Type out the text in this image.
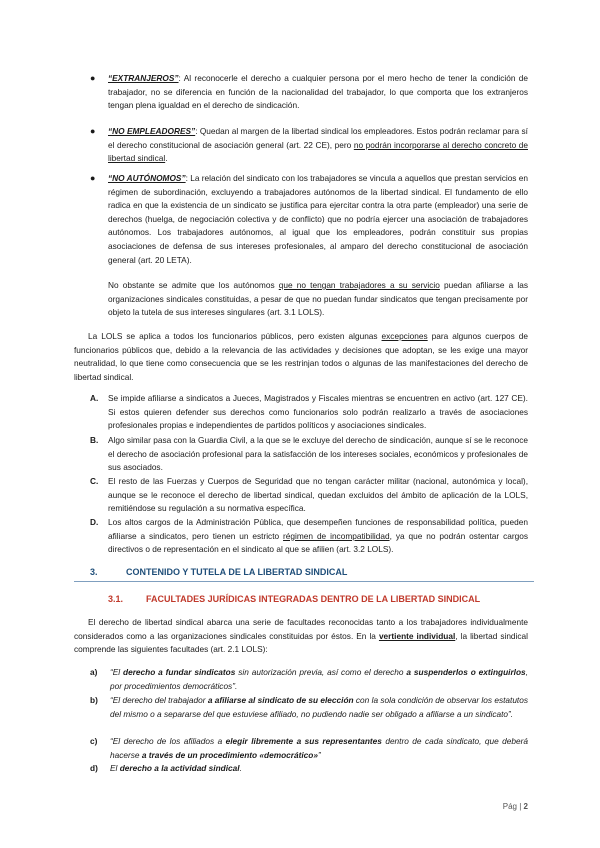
● “EXTRANJEROS”: Al reconocerle el derecho a cualquier persona por el mero hecho de tener la condición de trabajador, no se diferencia en función de la nacionalidad del trabajador, lo que comporta que los extranjeros tengan plena igualdad en el derecho de sindicación.
● “NO EMPLEADORES”: Quedan al margen de la libertad sindical los empleadores. Estos podrán reclamar para sí el derecho constitucional de asociación general (art. 22 CE), pero no podrán incorporarse al derecho concreto de libertad sindical.
● “NO AUTÓNOMOS”: La relación del sindicato con los trabajadores se vincula a aquellos que prestan servicios en régimen de subordinación, excluyendo a trabajadores autónomos de la libertad sindical. El fundamento de ello radica en que la existencia de un sindicato se justifica para ejercitar contra la otra parte (empleador) una serie de derechos (huelga, de negociación colectiva y de conflicto) que no podría ejercer una asociación de trabajadores autónomos. Los trabajadores autónomos, al igual que los empleadores, podrán constituir sus propias asociaciones de defensa de sus intereses profesionales, al amparo del derecho constitucional de asociación general (art. 20 LETA).
No obstante se admite que los autónomos que no tengan trabajadores a su servicio puedan afiliarse a las organizaciones sindicales constituidas, a pesar de que no puedan fundar sindicatos que tengan precisamente por objeto la tutela de sus intereses singulares (art. 3.1 LOLS).
La LOLS se aplica a todos los funcionarios públicos, pero existen algunas excepciones para algunos cuerpos de funcionarios públicos que, debido a la relevancia de las actividades y decisiones que adoptan, se les exige una mayor neutralidad, lo que tiene como consecuencia que se les restrinjan todos o algunas de las manifestaciones del derecho de libertad sindical.
A. Se impide afiliarse a sindicatos a Jueces, Magistrados y Fiscales mientras se encuentren en activo (art. 127 CE). Si estos quieren defender sus derechos como funcionarios solo podrán realizarlo a través de asociaciones profesionales propias e independientes de partidos políticos y asociaciones sindicales.
B. Algo similar pasa con la Guardia Civil, a la que se le excluye del derecho de sindicación, aunque sí se le reconoce el derecho de asociación profesional para la satisfacción de los intereses sociales, económicos y profesionales de sus asociados.
C. El resto de las Fuerzas y Cuerpos de Seguridad que no tengan carácter militar (nacional, autonómica y local), aunque se le reconoce el derecho de libertad sindical, quedan excluidos del ámbito de aplicación de la LOLS, remitiéndose su regulación a su normativa específica.
D. Los altos cargos de la Administración Pública, que desempeñen funciones de responsabilidad política, pueden afiliarse a sindicatos, pero tienen un estricto régimen de incompatibilidad, ya que no podrán ostentar cargos directivos o de representación en el sindicato al que se afilien (art. 3.2 LOLS).
3.	CONTENIDO Y TUTELA DE LA LIBERTAD SINDICAL
3.1.	FACULTADES JURÍDICAS INTEGRADAS DENTRO DE LA LIBERTAD SINDICAL
El derecho de libertad sindical abarca una serie de facultades reconocidas tanto a los trabajadores individualmente considerados como a las organizaciones sindicales constituidas por éstos. En la vertiente individual, la libertad sindical comprende las siguientes facultades (art. 2.1 LOLS):
a) “El derecho a fundar sindicatos sin autorización previa, así como el derecho a suspenderlos o extinguirlos, por procedimientos democráticos”.
b) “El derecho del trabajador a afiliarse al sindicato de su elección con la sola condición de observar los estatutos del mismo o a separarse del que estuviese afiliado, no pudiendo nadie ser obligado a afiliarse a un sindicato”.
c) “El derecho de los afiliados a elegir libremente a sus representantes dentro de cada sindicato, que deberá hacerse a través de un procedimiento «democrático»”
d) El derecho a la actividad sindical.
Pág | 2
